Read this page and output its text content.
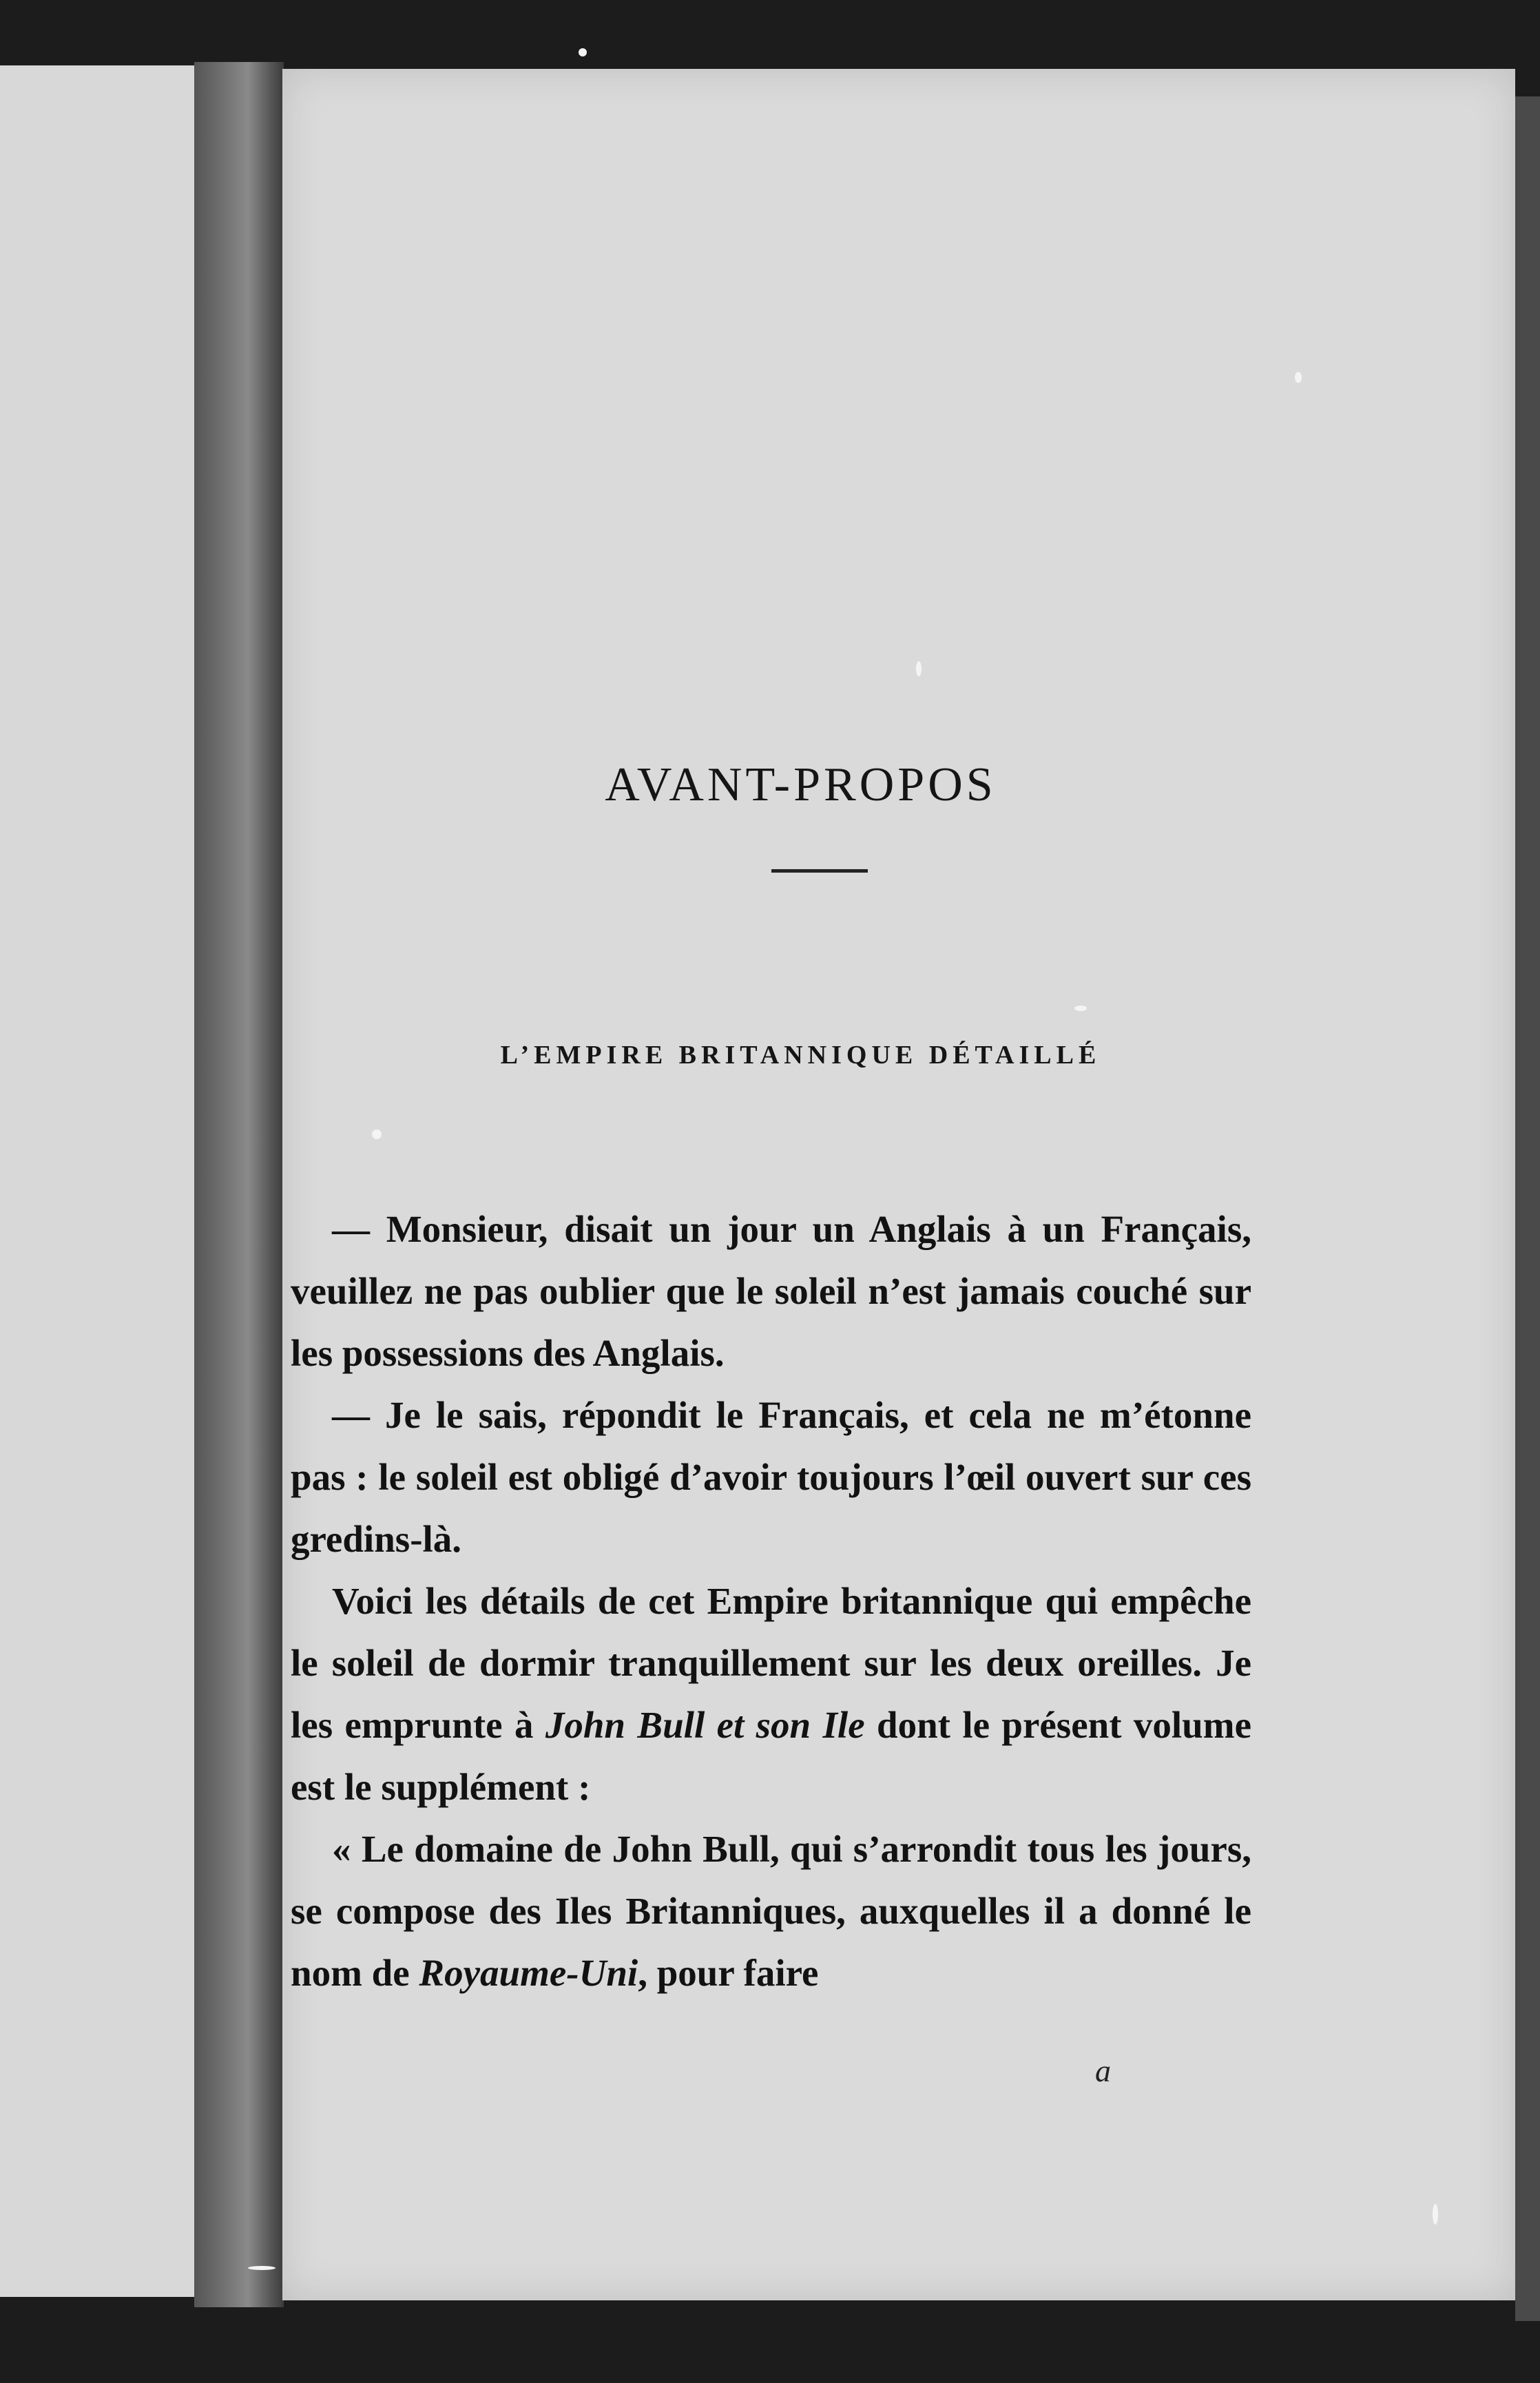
AVANT-PROPOS
L’EMPIRE BRITANNIQUE DÉTAILLÉ

— Monsieur, disait un jour un Anglais à un Français, veuillez ne pas oublier que le soleil n’est jamais couché sur les possessions des Anglais.

— Je le sais, répondit le Français, et cela ne m’étonne pas : le soleil est obligé d’avoir toujours l’œil ouvert sur ces gredins-là.

Voici les détails de cet Empire britannique qui empêche le soleil de dormir tranquillement sur les deux oreilles. Je les emprunte à John Bull et son Ile dont le présent volume est le supplément :

« Le domaine de John Bull, qui s’arrondit tous les jours, se compose des Iles Britanniques, auxquelles il a donné le nom de Royaume-Uni, pour faire

a
